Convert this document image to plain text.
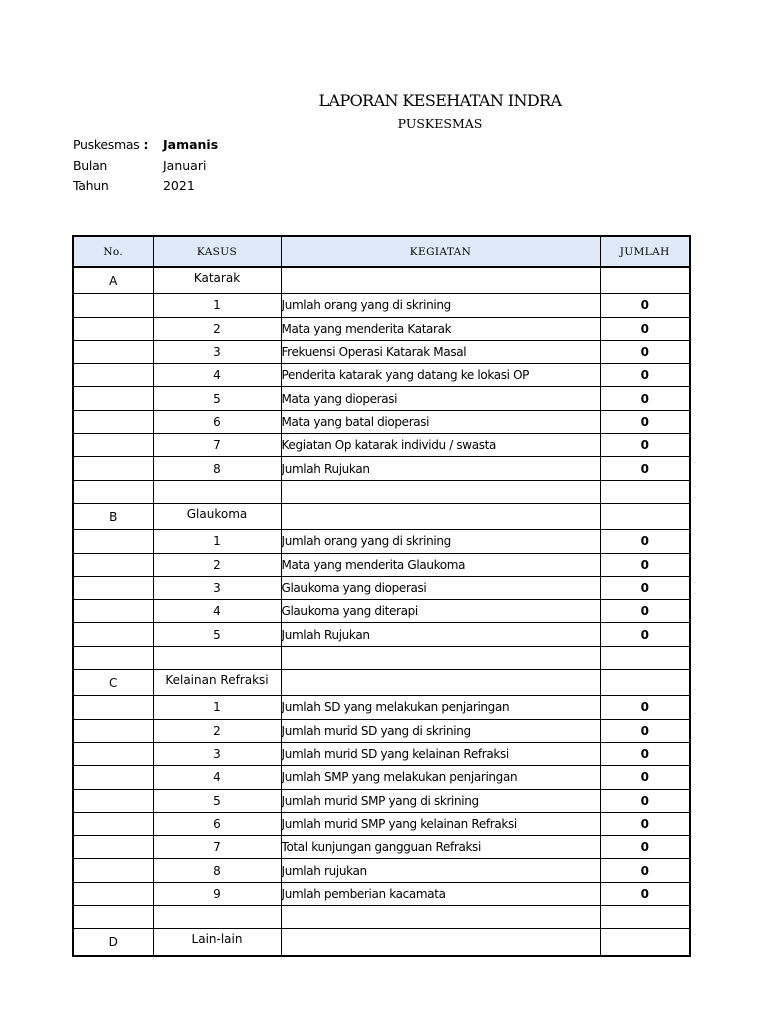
LAPORAN KESEHATAN INDRA
PUSKESMAS
Puskesmas : Jamanis
Bulan	Januari
Tahun	2021
No.	KASUS	KEGIATAN	JUMLAH
A	Katarak		
	1	Jumlah orang yang di skrining	0
	2	Mata yang menderita Katarak	0
	3	Frekuensi Operasi Katarak Masal	0
	4	Penderita katarak yang datang ke lokasi OP	0
	5	Mata yang dioperasi	0
	6	Mata yang batal dioperasi	0
	7	Kegiatan Op katarak individu / swasta	0
	8	Jumlah Rujukan	0

B	Glaukoma		
	1	Jumlah orang yang di skrining	0
	2	Mata yang menderita Glaukoma	0
	3	Glaukoma yang dioperasi	0
	4	Glaukoma yang diterapi	0
	5	Jumlah Rujukan	0

C	Kelainan Refraksi		
	1	Jumlah SD yang melakukan penjaringan	0
	2	Jumlah murid SD yang di skrining	0
	3	Jumlah murid SD yang kelainan Refraksi	0
	4	Jumlah SMP yang melakukan penjaringan	0
	5	Jumlah murid SMP yang di skrining	0
	6	Jumlah murid SMP yang kelainan Refraksi	0
	7	Total kunjungan gangguan Refraksi	0
	8	Jumlah rujukan	0
	9	Jumlah pemberian kacamata	0

D	Lain-lain		
